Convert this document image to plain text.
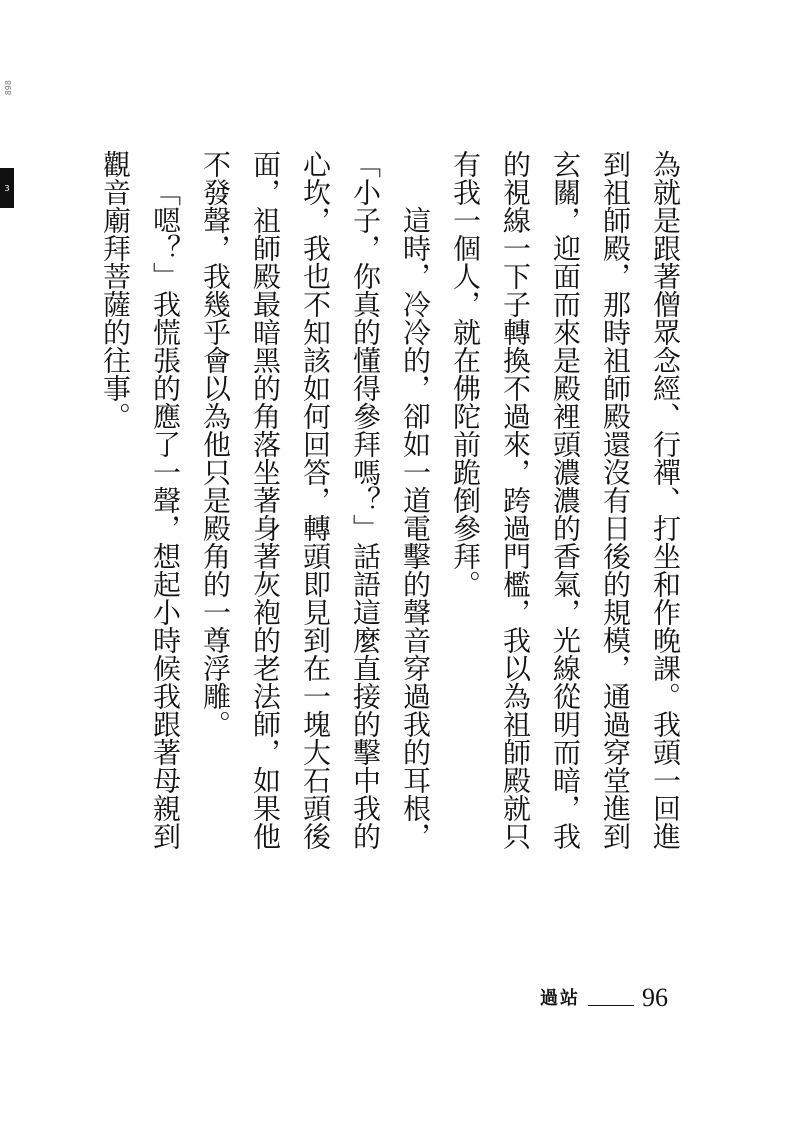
898
3	為就是跟著僧眾念經、行禪、打坐和作晚課。我頭一回進到祖師殿，那時祖師殿還沒有日後的規模，通過穿堂進到玄關，迎面而來是殿裡頭濃濃的香氣，光線從明而暗，我的視線一下子轉換不過來，跨過門檻，我以為祖師殿就只有我一個人，就在佛陀前跪倒參拜。

這時，冷冷的，卻如一道電擊的聲音穿過我的耳根，「小子，你真的懂得參拜嗎？」話語這麼直接的擊中我的心坎，我也不知該如何回答，轉頭即見到在一塊大石頭後面，祖師殿最暗黑的角落坐著身著灰袍的老法師，如果他不發聲，我幾乎會以為他只是殿角的一尊浮雕。

「嗯？」我慌張的應了一聲，想起小時候我跟著母親到觀音廟拜菩薩的往事。

過站 96
